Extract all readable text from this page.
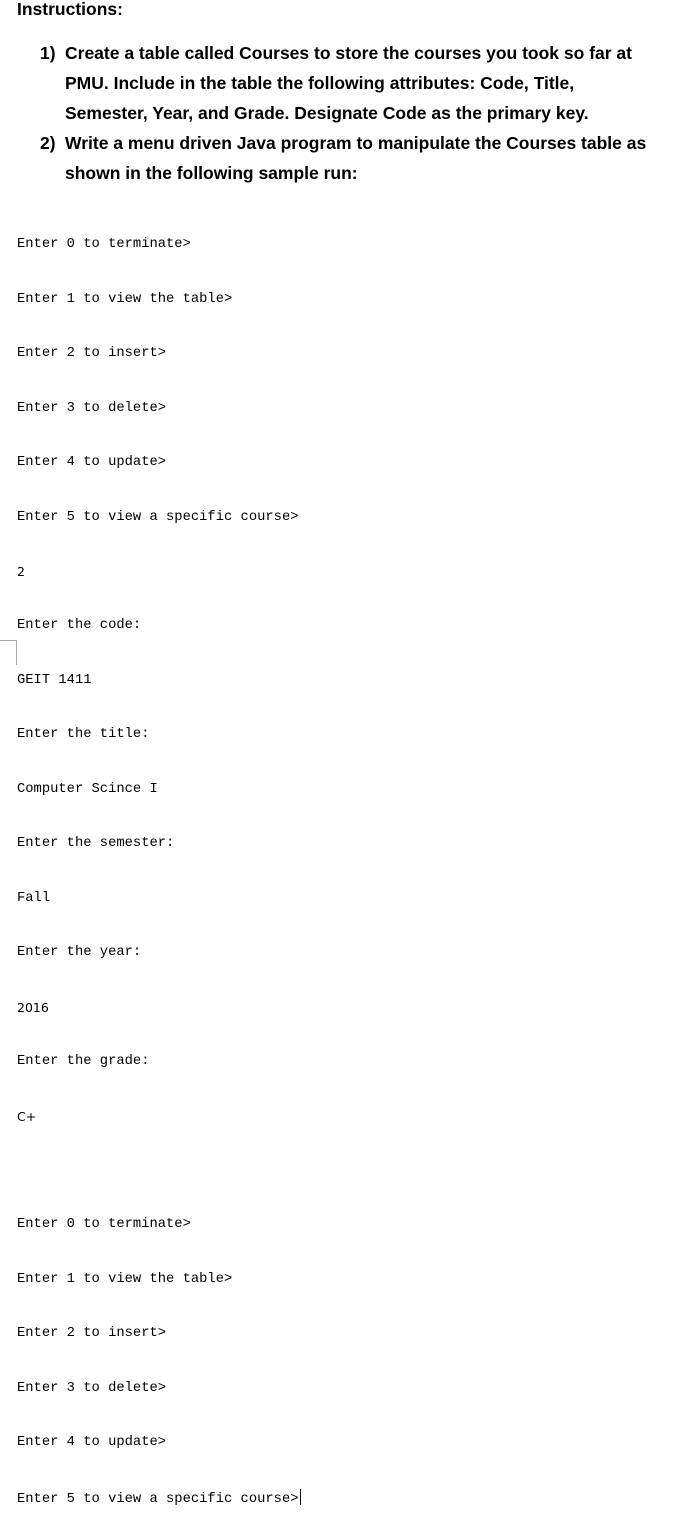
Instructions:
1) Create a table called Courses to store the courses you took so far at
PMU. Include in the table the following attributes: Code, Title,
Semester, Year, and Grade. Designate Code as the primary key.
2) Write a menu driven Java program to manipulate the Courses table as
shown in the following sample run:

Enter 0 to terminate>

Enter 1 to view the table>

Enter 2 to insert>

Enter 3 to delete>

Enter 4 to update>

Enter 5 to view a specific course>

2

Enter the code:

GEIT 1411

Enter the title:

Computer Scince I

Enter the semester:

Fall

Enter the year:

2016

Enter the grade:

C+

Enter 0 to terminate>

Enter 1 to view the table>

Enter 2 to insert>

Enter 3 to delete>

Enter 4 to update>

Enter 5 to view a specific course>
